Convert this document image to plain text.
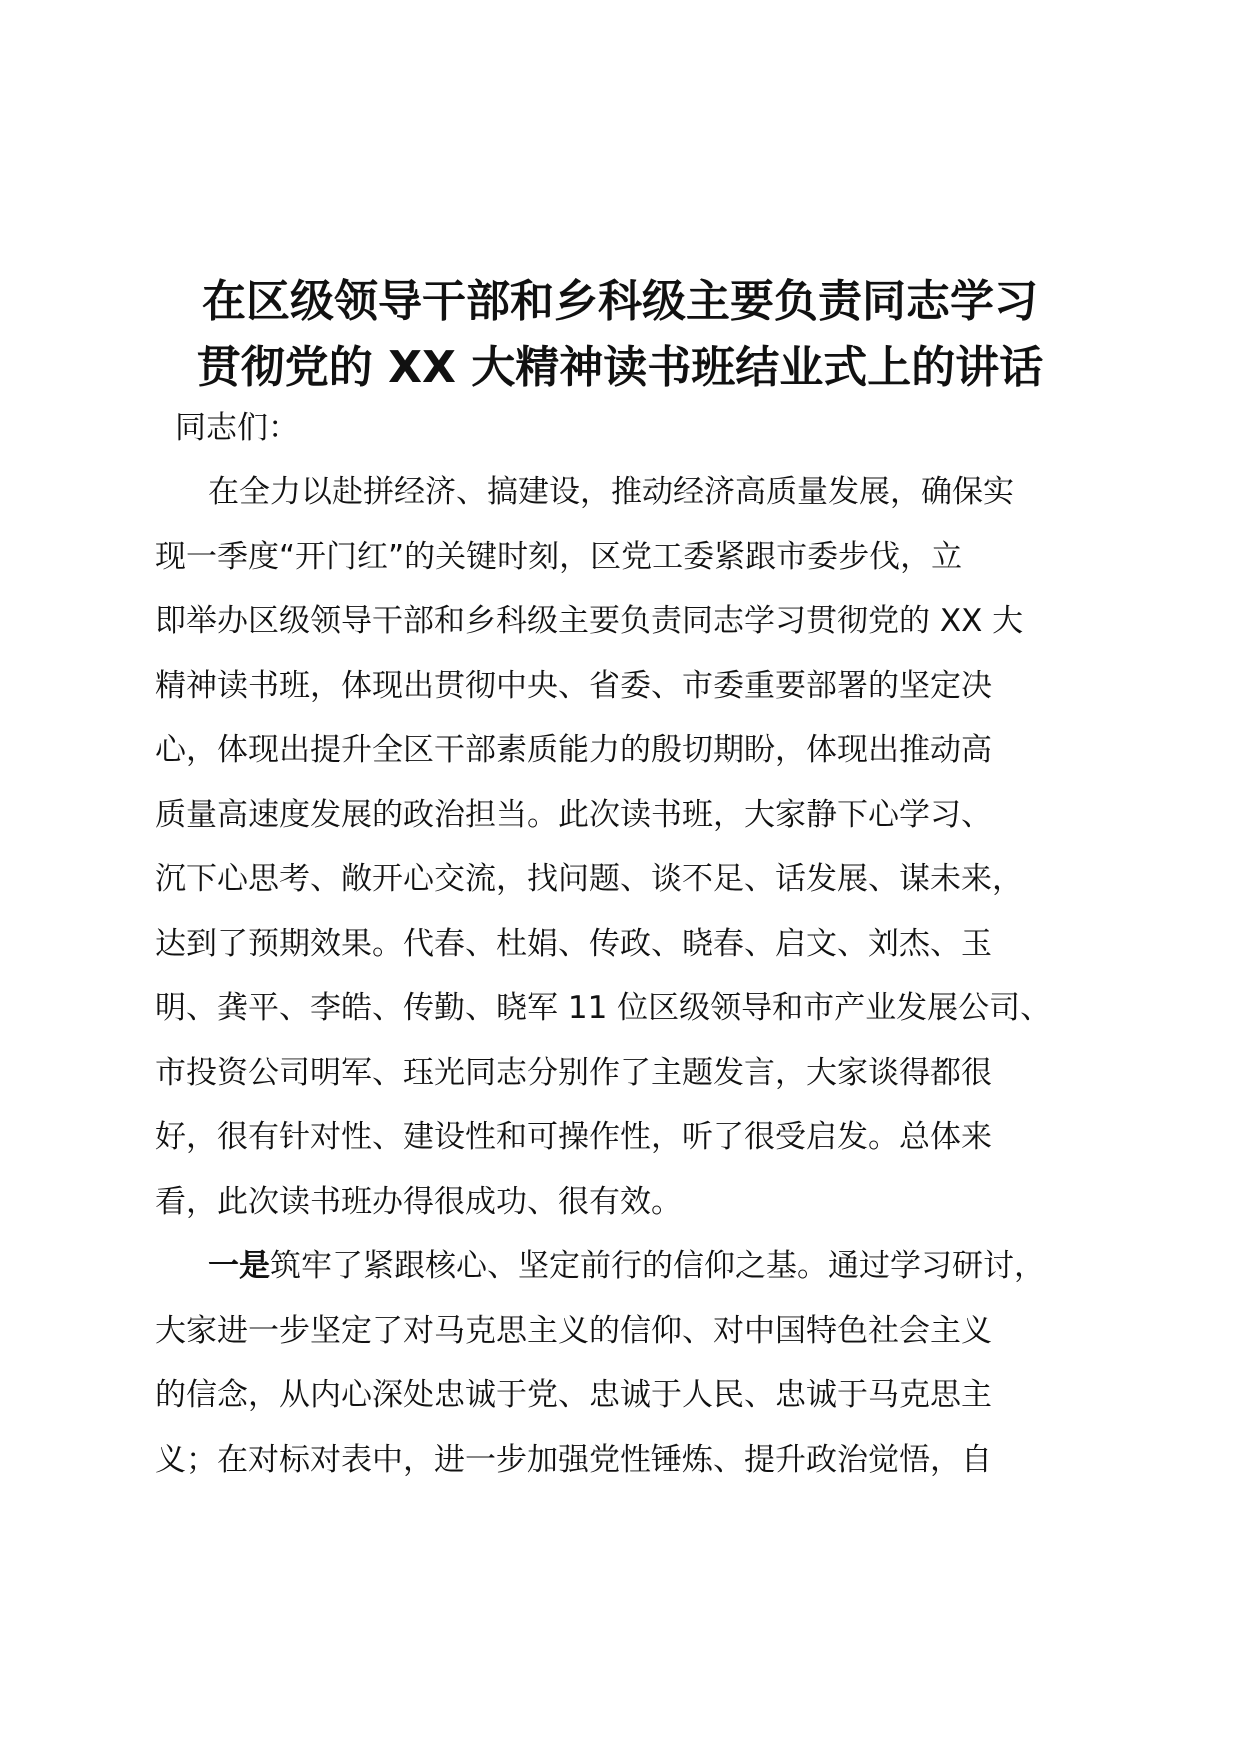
在区级领导干部和乡科级主要负责同志学习
贯彻党的 XX 大精神读书班结业式上的讲话
同志们：
在全力以赴拼经济、搞建设，推动经济高质量发展，确保实
现一季度“开门红”的关键时刻，区党工委紧跟市委步伐，立
即举办区级领导干部和乡科级主要负责同志学习贯彻党的 XX 大
精神读书班，体现出贯彻中央、省委、市委重要部署的坚定决
心，体现出提升全区干部素质能力的殷切期盼，体现出推动高
质量高速度发展的政治担当。此次读书班，大家静下心学习、
沉下心思考、敞开心交流，找问题、谈不足、话发展、谋未来，
达到了预期效果。代春、杜娟、传政、晓春、启文、刘杰、玉
明、龚平、李皓、传勤、晓军 11 位区级领导和市产业发展公司、
市投资公司明军、珏光同志分别作了主题发言，大家谈得都很
好，很有针对性、建设性和可操作性，听了很受启发。总体来
看，此次读书班办得很成功、很有效。
一是筑牢了紧跟核心、坚定前行的信仰之基。通过学习研讨，
大家进一步坚定了对马克思主义的信仰、对中国特色社会主义
的信念，从内心深处忠诚于党、忠诚于人民、忠诚于马克思主
义；在对标对表中，进一步加强党性锤炼、提升政治觉悟，自
